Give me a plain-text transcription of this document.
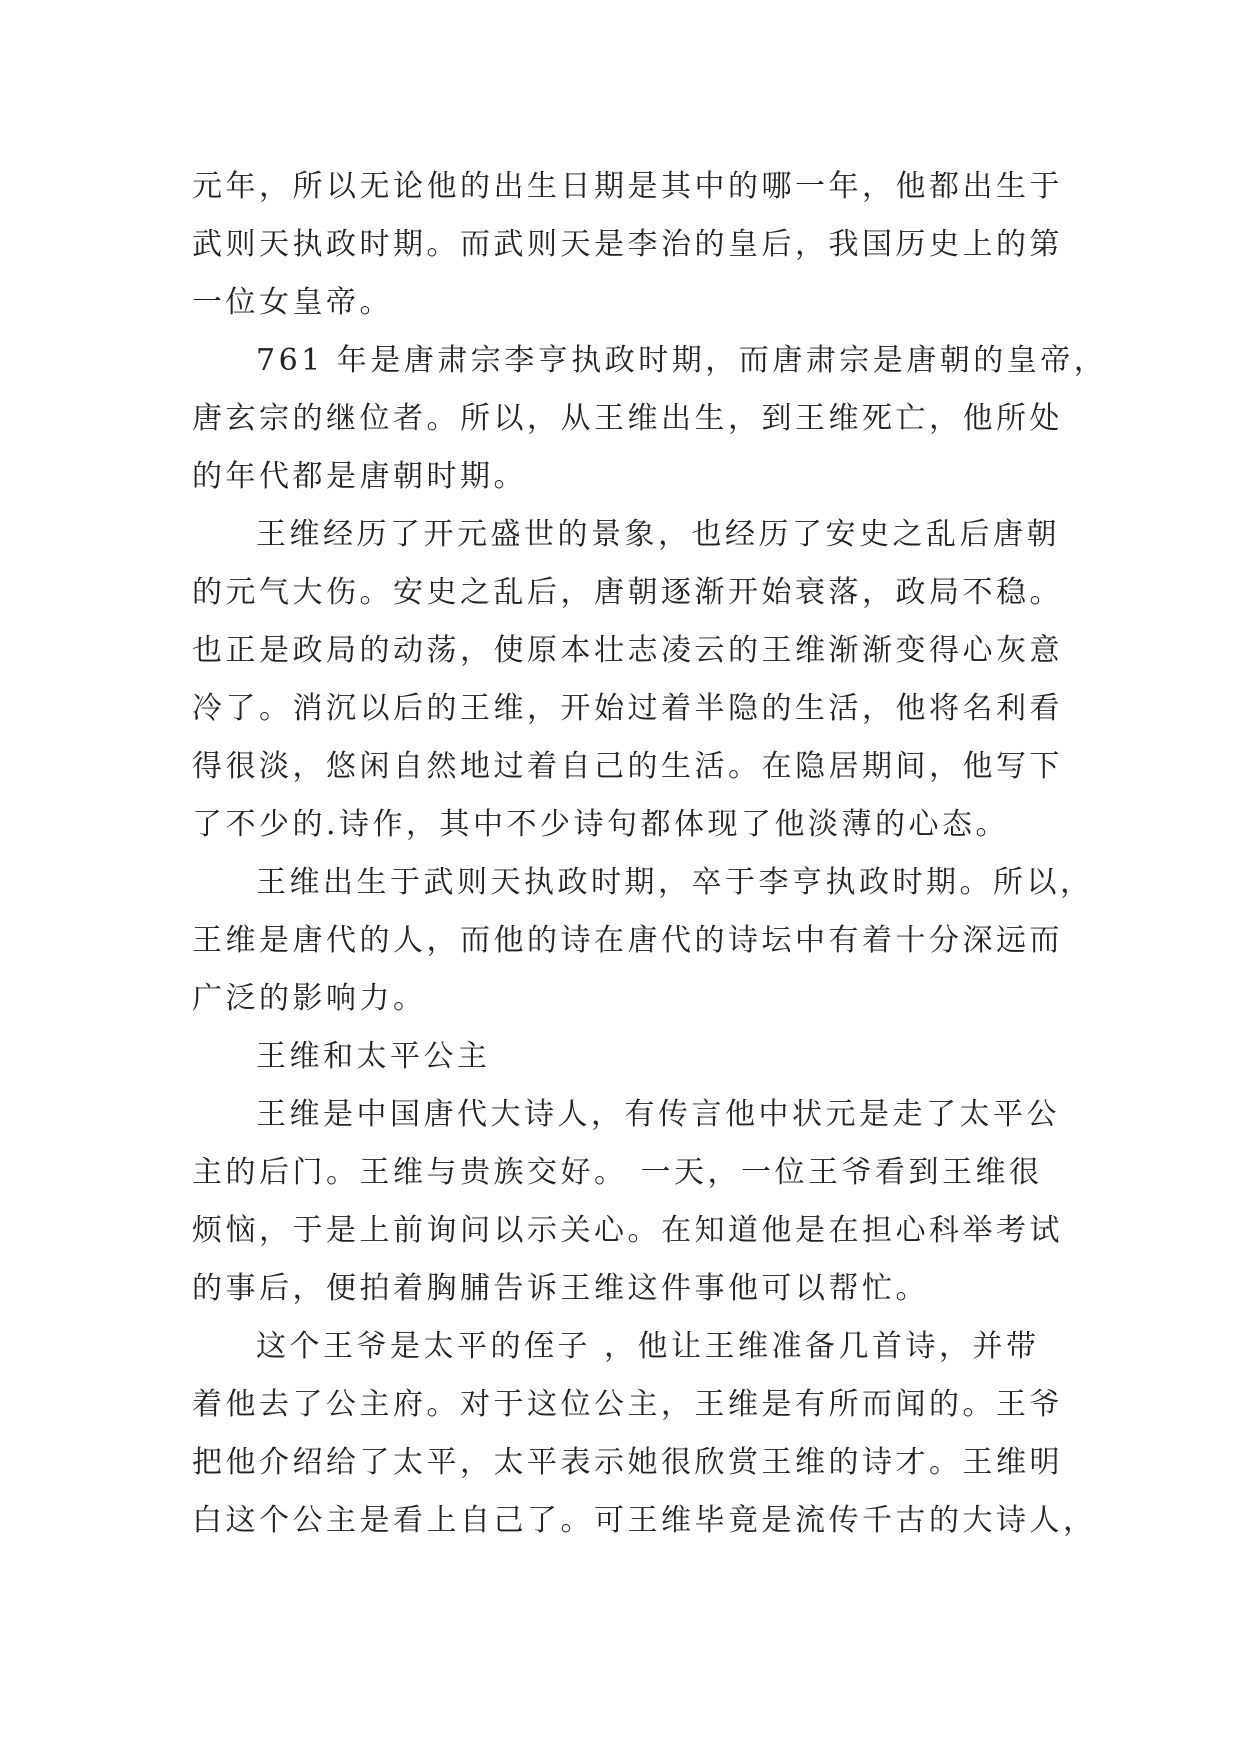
元年，所以无论他的出生日期是其中的哪一年，他都出生于
武则天执政时期。而武则天是李治的皇后，我国历史上的第
一位女皇帝。
761 年是唐肃宗李亨执政时期，而唐肃宗是唐朝的皇帝，
唐玄宗的继位者。所以，从王维出生，到王维死亡，他所处
的年代都是唐朝时期。
王维经历了开元盛世的景象，也经历了安史之乱后唐朝
的元气大伤。安史之乱后，唐朝逐渐开始衰落，政局不稳。
也正是政局的动荡，使原本壮志凌云的王维渐渐变得心灰意
冷了。消沉以后的王维，开始过着半隐的生活，他将名利看
得很淡，悠闲自然地过着自己的生活。在隐居期间，他写下
了不少的.诗作，其中不少诗句都体现了他淡薄的心态。
王维出生于武则天执政时期，卒于李亨执政时期。所以，
王维是唐代的人，而他的诗在唐代的诗坛中有着十分深远而
广泛的影响力。
王维和太平公主
王维是中国唐代大诗人，有传言他中状元是走了太平公
主的后门。王维与贵族交好。 一天，一位王爷看到王维很
烦恼，于是上前询问以示关心。在知道他是在担心科举考试
的事后，便拍着胸脯告诉王维这件事他可以帮忙。
这个王爷是太平的侄子 ，他让王维准备几首诗，并带
着他去了公主府。对于这位公主，王维是有所而闻的。王爷
把他介绍给了太平，太平表示她很欣赏王维的诗才。王维明
白这个公主是看上自己了。可王维毕竟是流传千古的大诗人，
